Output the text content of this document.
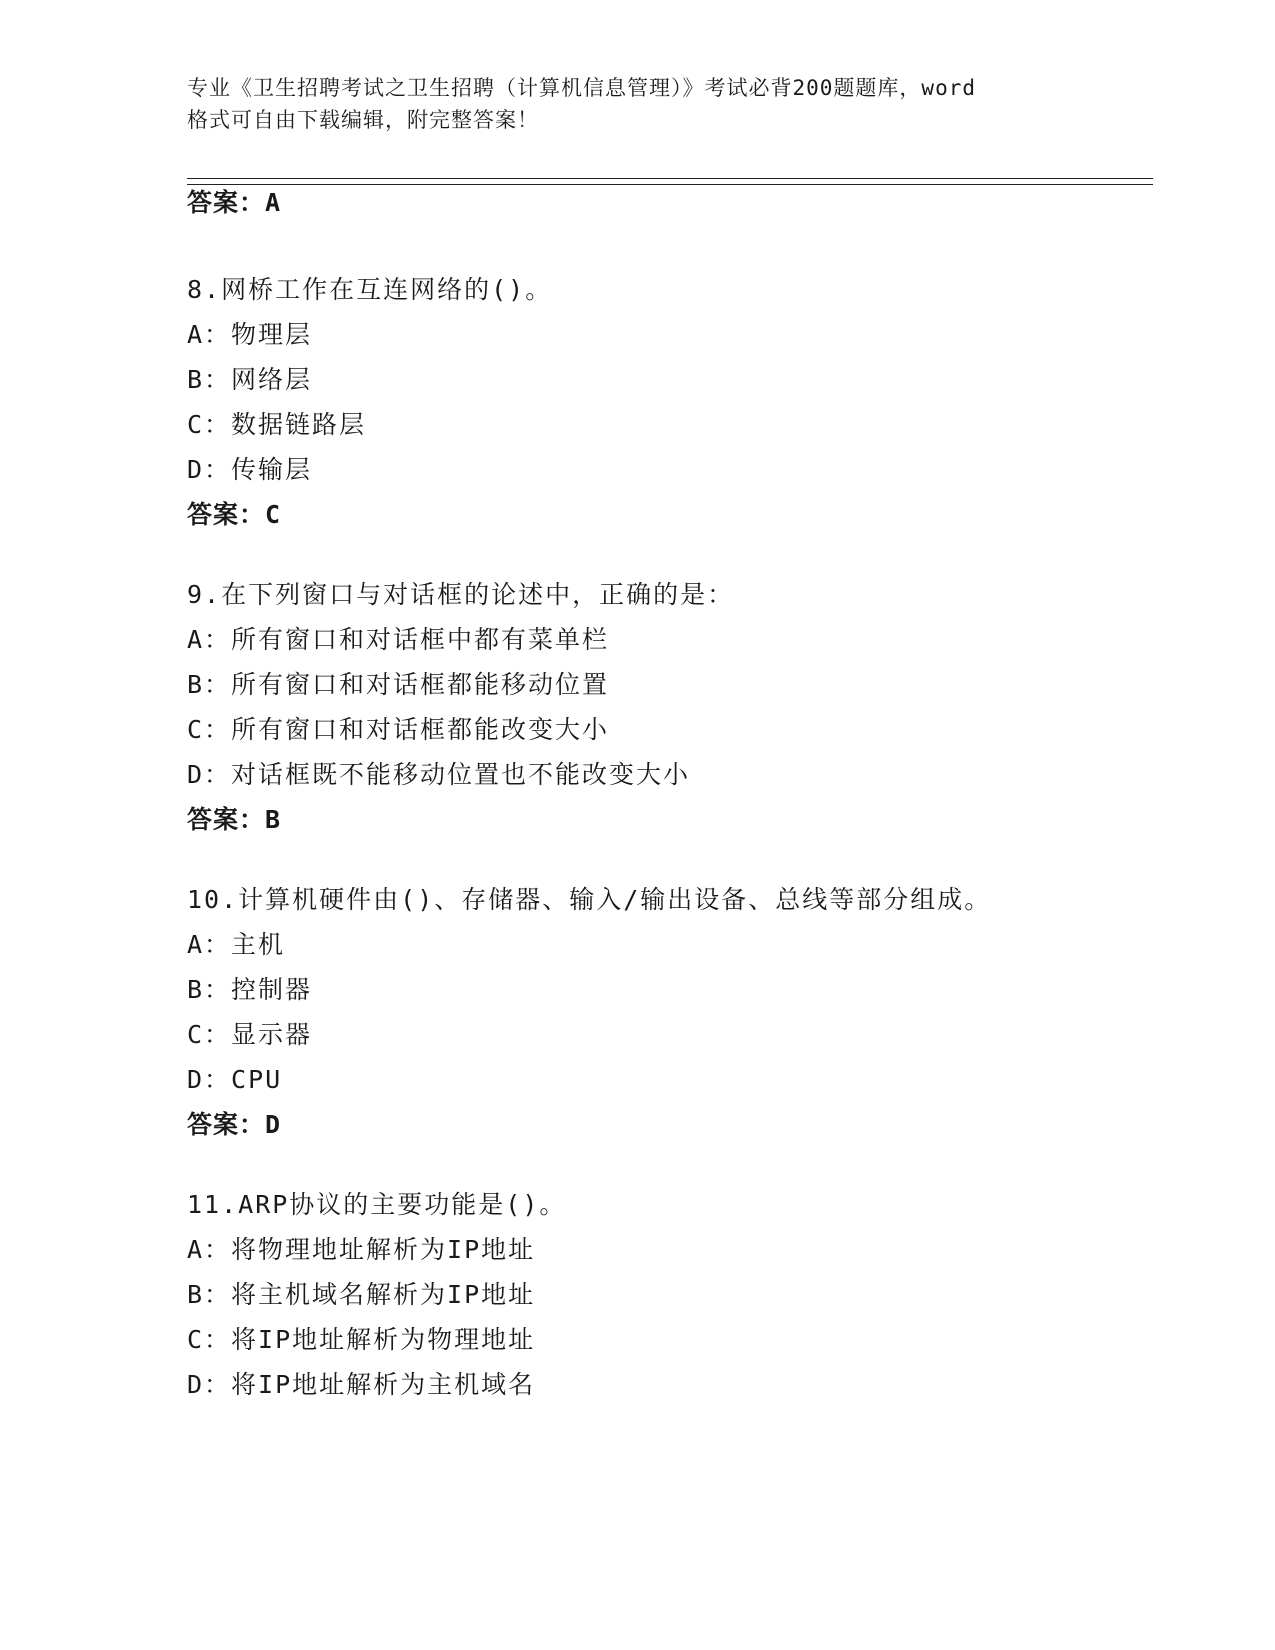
专业《卫生招聘考试之卫生招聘（计算机信息管理）》考试必背200题题库，word
格式可自由下载编辑，附完整答案！
答案：A
8.网桥工作在互连网络的()。
A：物理层
B：网络层
C：数据链路层
D：传输层
答案：C
9.在下列窗口与对话框的论述中，正确的是：
A：所有窗口和对话框中都有菜单栏
B：所有窗口和对话框都能移动位置
C：所有窗口和对话框都能改变大小
D：对话框既不能移动位置也不能改变大小
答案：B
10.计算机硬件由()、存储器、输入/输出设备、总线等部分组成。
A：主机
B：控制器
C：显示器
D：CPU
答案：D
11.ARP协议的主要功能是()。
A：将物理地址解析为IP地址
B：将主机域名解析为IP地址
C：将IP地址解析为物理地址
D：将IP地址解析为主机域名
